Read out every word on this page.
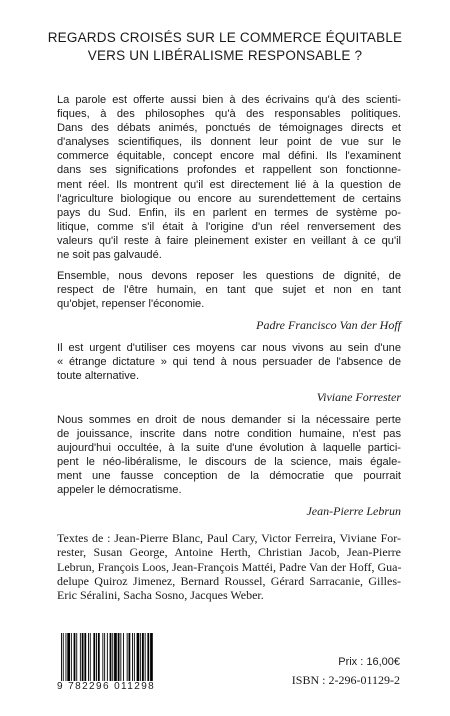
REGARDS CROISÉS SUR LE COMMERCE ÉQUITABLE
VERS UN LIBÉRALISME RESPONSABLE ?
La parole est offerte aussi bien à des écrivains qu'à des scienti-
fiques, à des philosophes qu'à des responsables politiques.
Dans des débats animés, ponctués de témoignages directs et
d'analyses scientifiques, ils donnent leur point de vue sur le
commerce équitable, concept encore mal défini. Ils l'examinent
dans ses significations profondes et rappellent son fonctionne-
ment réel. Ils montrent qu'il est directement lié à la question de
l'agriculture biologique ou encore au surendettement de certains
pays du Sud. Enfin, ils en parlent en termes de système po-
litique, comme s'il était à l'origine d'un réel renversement des
valeurs qu'il reste à faire pleinement exister en veillant à ce qu'il
ne soit pas galvaudé.
Ensemble, nous devons reposer les questions de dignité, de
respect de l'être humain, en tant que sujet et non en tant
qu'objet, repenser l'économie.
Padre Francisco Van der Hoff
Il est urgent d'utiliser ces moyens car nous vivons au sein d'une
« étrange dictature » qui tend à nous persuader de l'absence de
toute alternative.
Viviane Forrester
Nous sommes en droit de nous demander si la nécessaire perte
de jouissance, inscrite dans notre condition humaine, n'est pas
aujourd'hui occultée, à la suite d'une évolution à laquelle partici-
pent le néo-libéralisme, le discours de la science, mais égale-
ment une fausse conception de la démocratie que pourrait
appeler le démocratisme.
Jean-Pierre Lebrun
Textes de : Jean-Pierre Blanc, Paul Cary, Victor Ferreira, Viviane For-
rester, Susan George, Antoine Herth, Christian Jacob, Jean-Pierre
Lebrun, François Loos, Jean-François Mattéi, Padre Van der Hoff, Gua-
delupe Quiroz Jimenez, Bernard Roussel, Gérard Sarracanie, Gilles-
Eric Séralini, Sacha Sosno, Jacques Weber.
9 782296 011298
Prix : 16,00€
ISBN : 2-296-01129-2
